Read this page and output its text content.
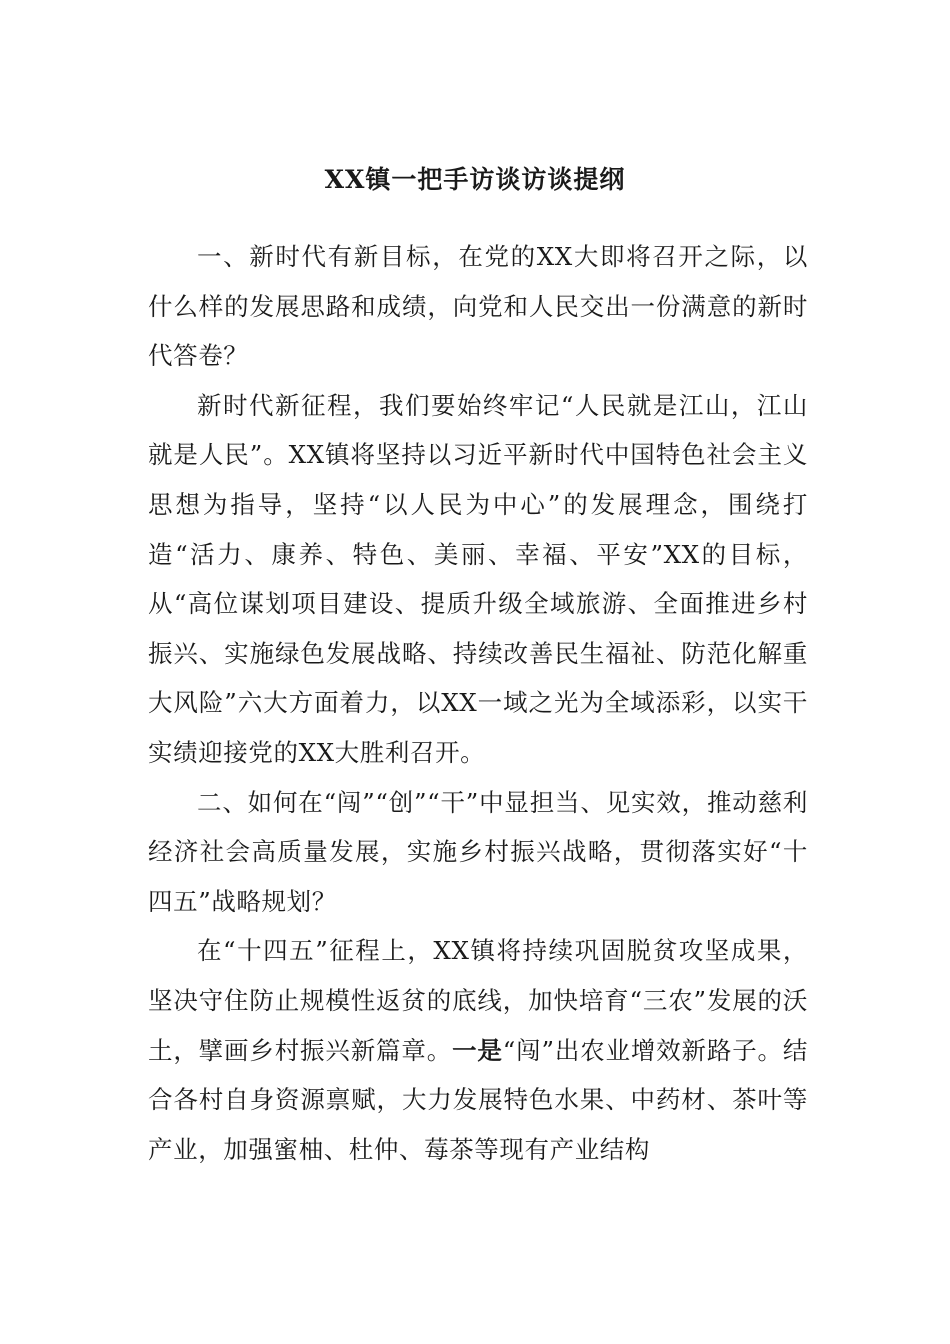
XX镇一把手访谈访谈提纲

一、新时代有新目标，在党的XX大即将召开之际，以什么样的发展思路和成绩，向党和人民交出一份满意的新时代答卷？

新时代新征程，我们要始终牢记“人民就是江山，江山就是人民”。XX镇将坚持以习近平新时代中国特色社会主义思想为指导，坚持“以人民为中心”的发展理念，围绕打造“活力、康养、特色、美丽、幸福、平安”XX的目标，从“高位谋划项目建设、提质升级全域旅游、全面推进乡村振兴、实施绿色发展战略、持续改善民生福祉、防范化解重大风险”六大方面着力，以XX一域之光为全域添彩，以实干实绩迎接党的XX大胜利召开。

二、如何在“闯”“创”“干”中显担当、见实效，推动慈利经济社会高质量发展，实施乡村振兴战略，贯彻落实好“十四五”战略规划？

在“十四五”征程上，XX镇将持续巩固脱贫攻坚成果，坚决守住防止规模性返贫的底线，加快培育“三农”发展的沃土，擘画乡村振兴新篇章。一是“闯”出农业增效新路子。结合各村自身资源禀赋，大力发展特色水果、中药材、茶叶等产业，加强蜜柚、杜仲、莓茶等现有产业结构
